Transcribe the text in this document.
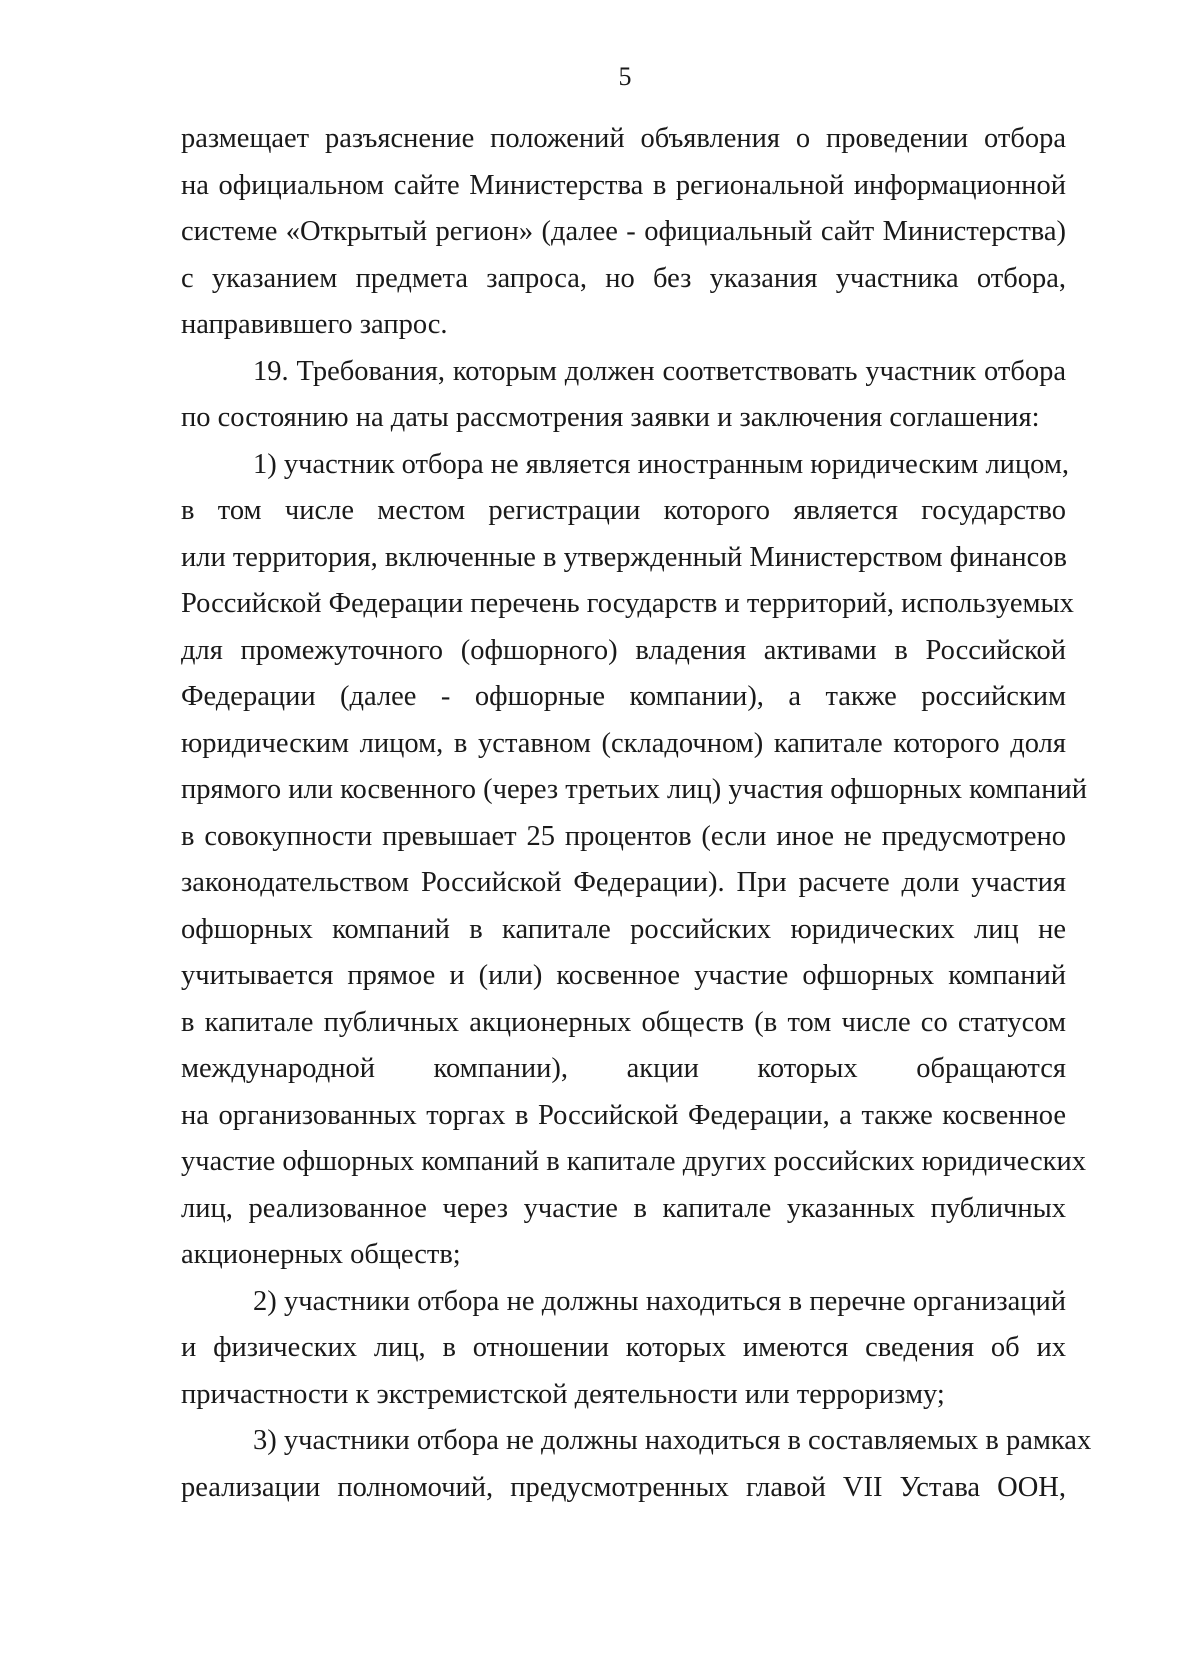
5
размещает разъяснение положений объявления о проведении отбора
на официальном сайте Министерства в региональной информационной
системе «Открытый регион» (далее - официальный сайт Министерства)
с указанием предмета запроса, но без указания участника отбора,
направившего запрос.
19. Требования, которым должен соответствовать участник отбора
по состоянию на даты рассмотрения заявки и заключения соглашения:
1) участник отбора не является иностранным юридическим лицом,
в том числе местом регистрации которого является государство
или территория, включенные в утвержденный Министерством финансов
Российской Федерации перечень государств и территорий, используемых
для промежуточного (офшорного) владения активами в Российской
Федерации (далее - офшорные компании), а также российским
юридическим лицом, в уставном (складочном) капитале которого доля
прямого или косвенного (через третьих лиц) участия офшорных компаний
в совокупности превышает 25 процентов (если иное не предусмотрено
законодательством Российской Федерации). При расчете доли участия
офшорных компаний в капитале российских юридических лиц не
учитывается прямое и (или) косвенное участие офшорных компаний
в капитале публичных акционерных обществ (в том числе со статусом
международной компании), акции которых обращаются
на организованных торгах в Российской Федерации, а также косвенное
участие офшорных компаний в капитале других российских юридических
лиц, реализованное через участие в капитале указанных публичных
акционерных обществ;
2) участники отбора не должны находиться в перечне организаций
и физических лиц, в отношении которых имеются сведения об их
причастности к экстремистской деятельности или терроризму;
3) участники отбора не должны находиться в составляемых в рамках
реализации полномочий, предусмотренных главой VII Устава ООН,
